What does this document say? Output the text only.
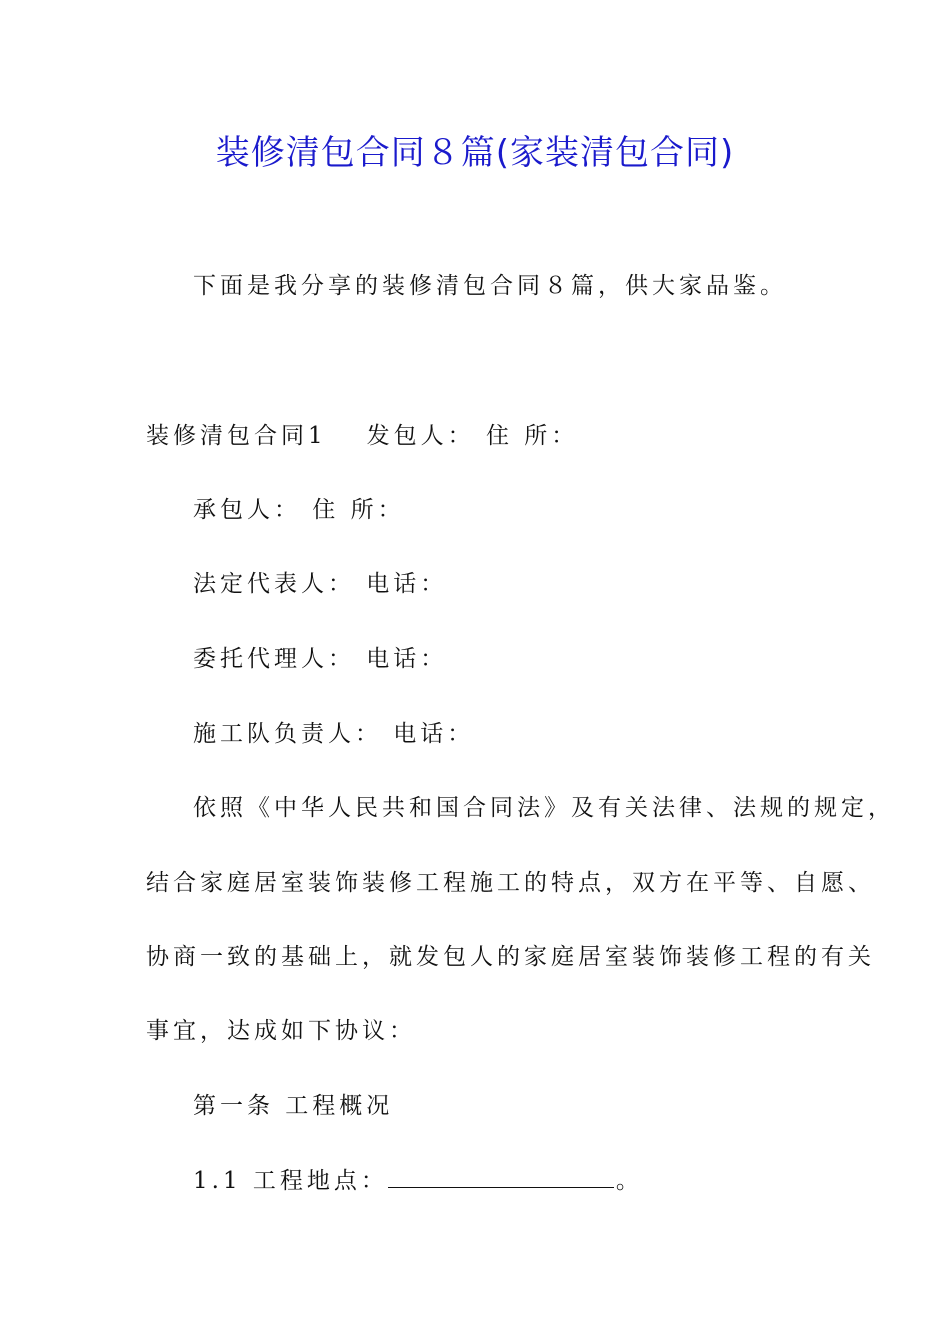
装修清包合同８篇(家装清包合同)
下面是我分享的装修清包合同８篇，供大家品鉴。
装修清包合同1 发包人： 住 所：
承包人： 住 所：
法定代表人： 电话：
委托代理人： 电话：
施工队负责人： 电话：
依照《中华人民共和国合同法》及有关法律、法规的规定，
结合家庭居室装饰装修工程施工的特点，双方在平等、自愿、
协商一致的基础上，就发包人的家庭居室装饰装修工程的有关
事宜，达成如下协议：
第一条 工程概况
1.1 工程地点：	。
